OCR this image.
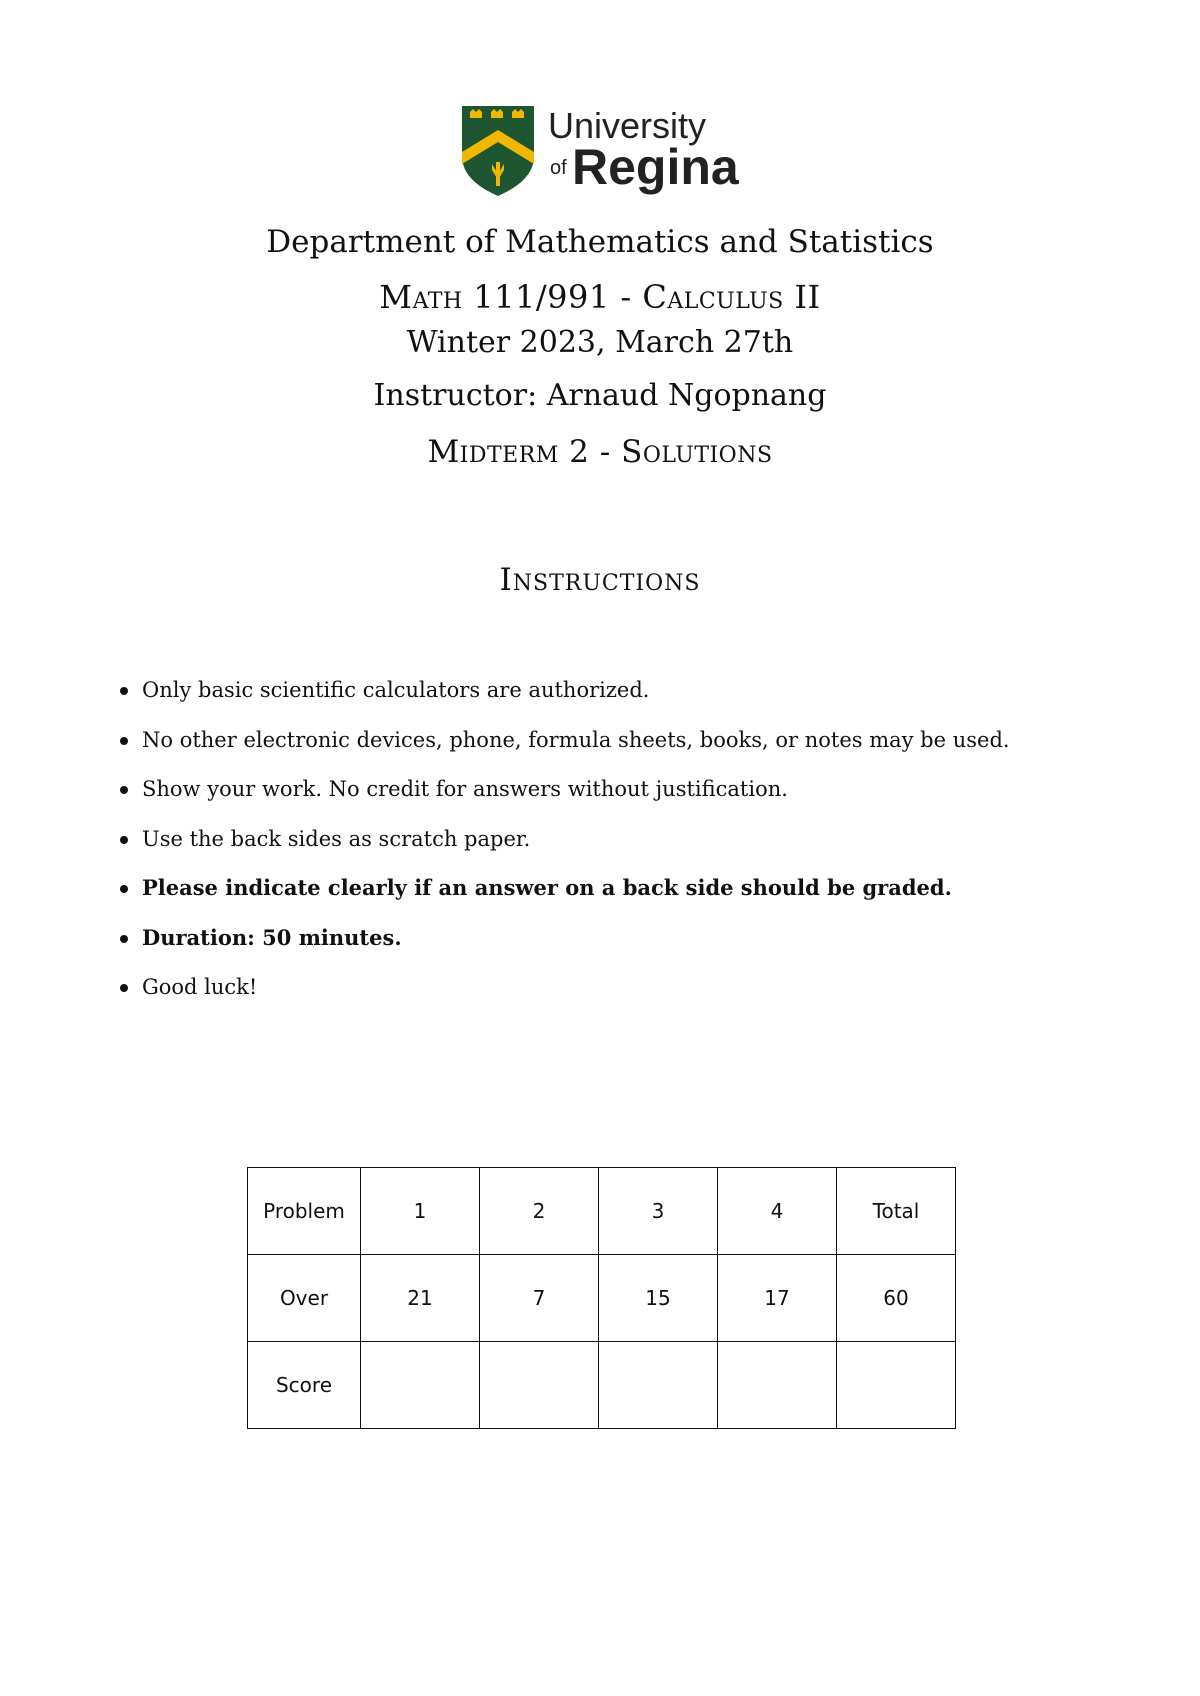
University
of Regina
Department of Mathematics and Statistics
Math 111/991 - Calculus II
Winter 2023, March 27th
Instructor: Arnaud Ngopnang
Midterm 2 - Solutions
Instructions
Only basic scientific calculators are authorized.
No other electronic devices, phone, formula sheets, books, or notes may be used.
Show your work. No credit for answers without justification.
Use the back sides as scratch paper.
Please indicate clearly if an answer on a back side should be graded.
Duration: 50 minutes.
Good luck!
Problem	1	2	3	4	Total
Over	21	7	15	17	60
Score					
